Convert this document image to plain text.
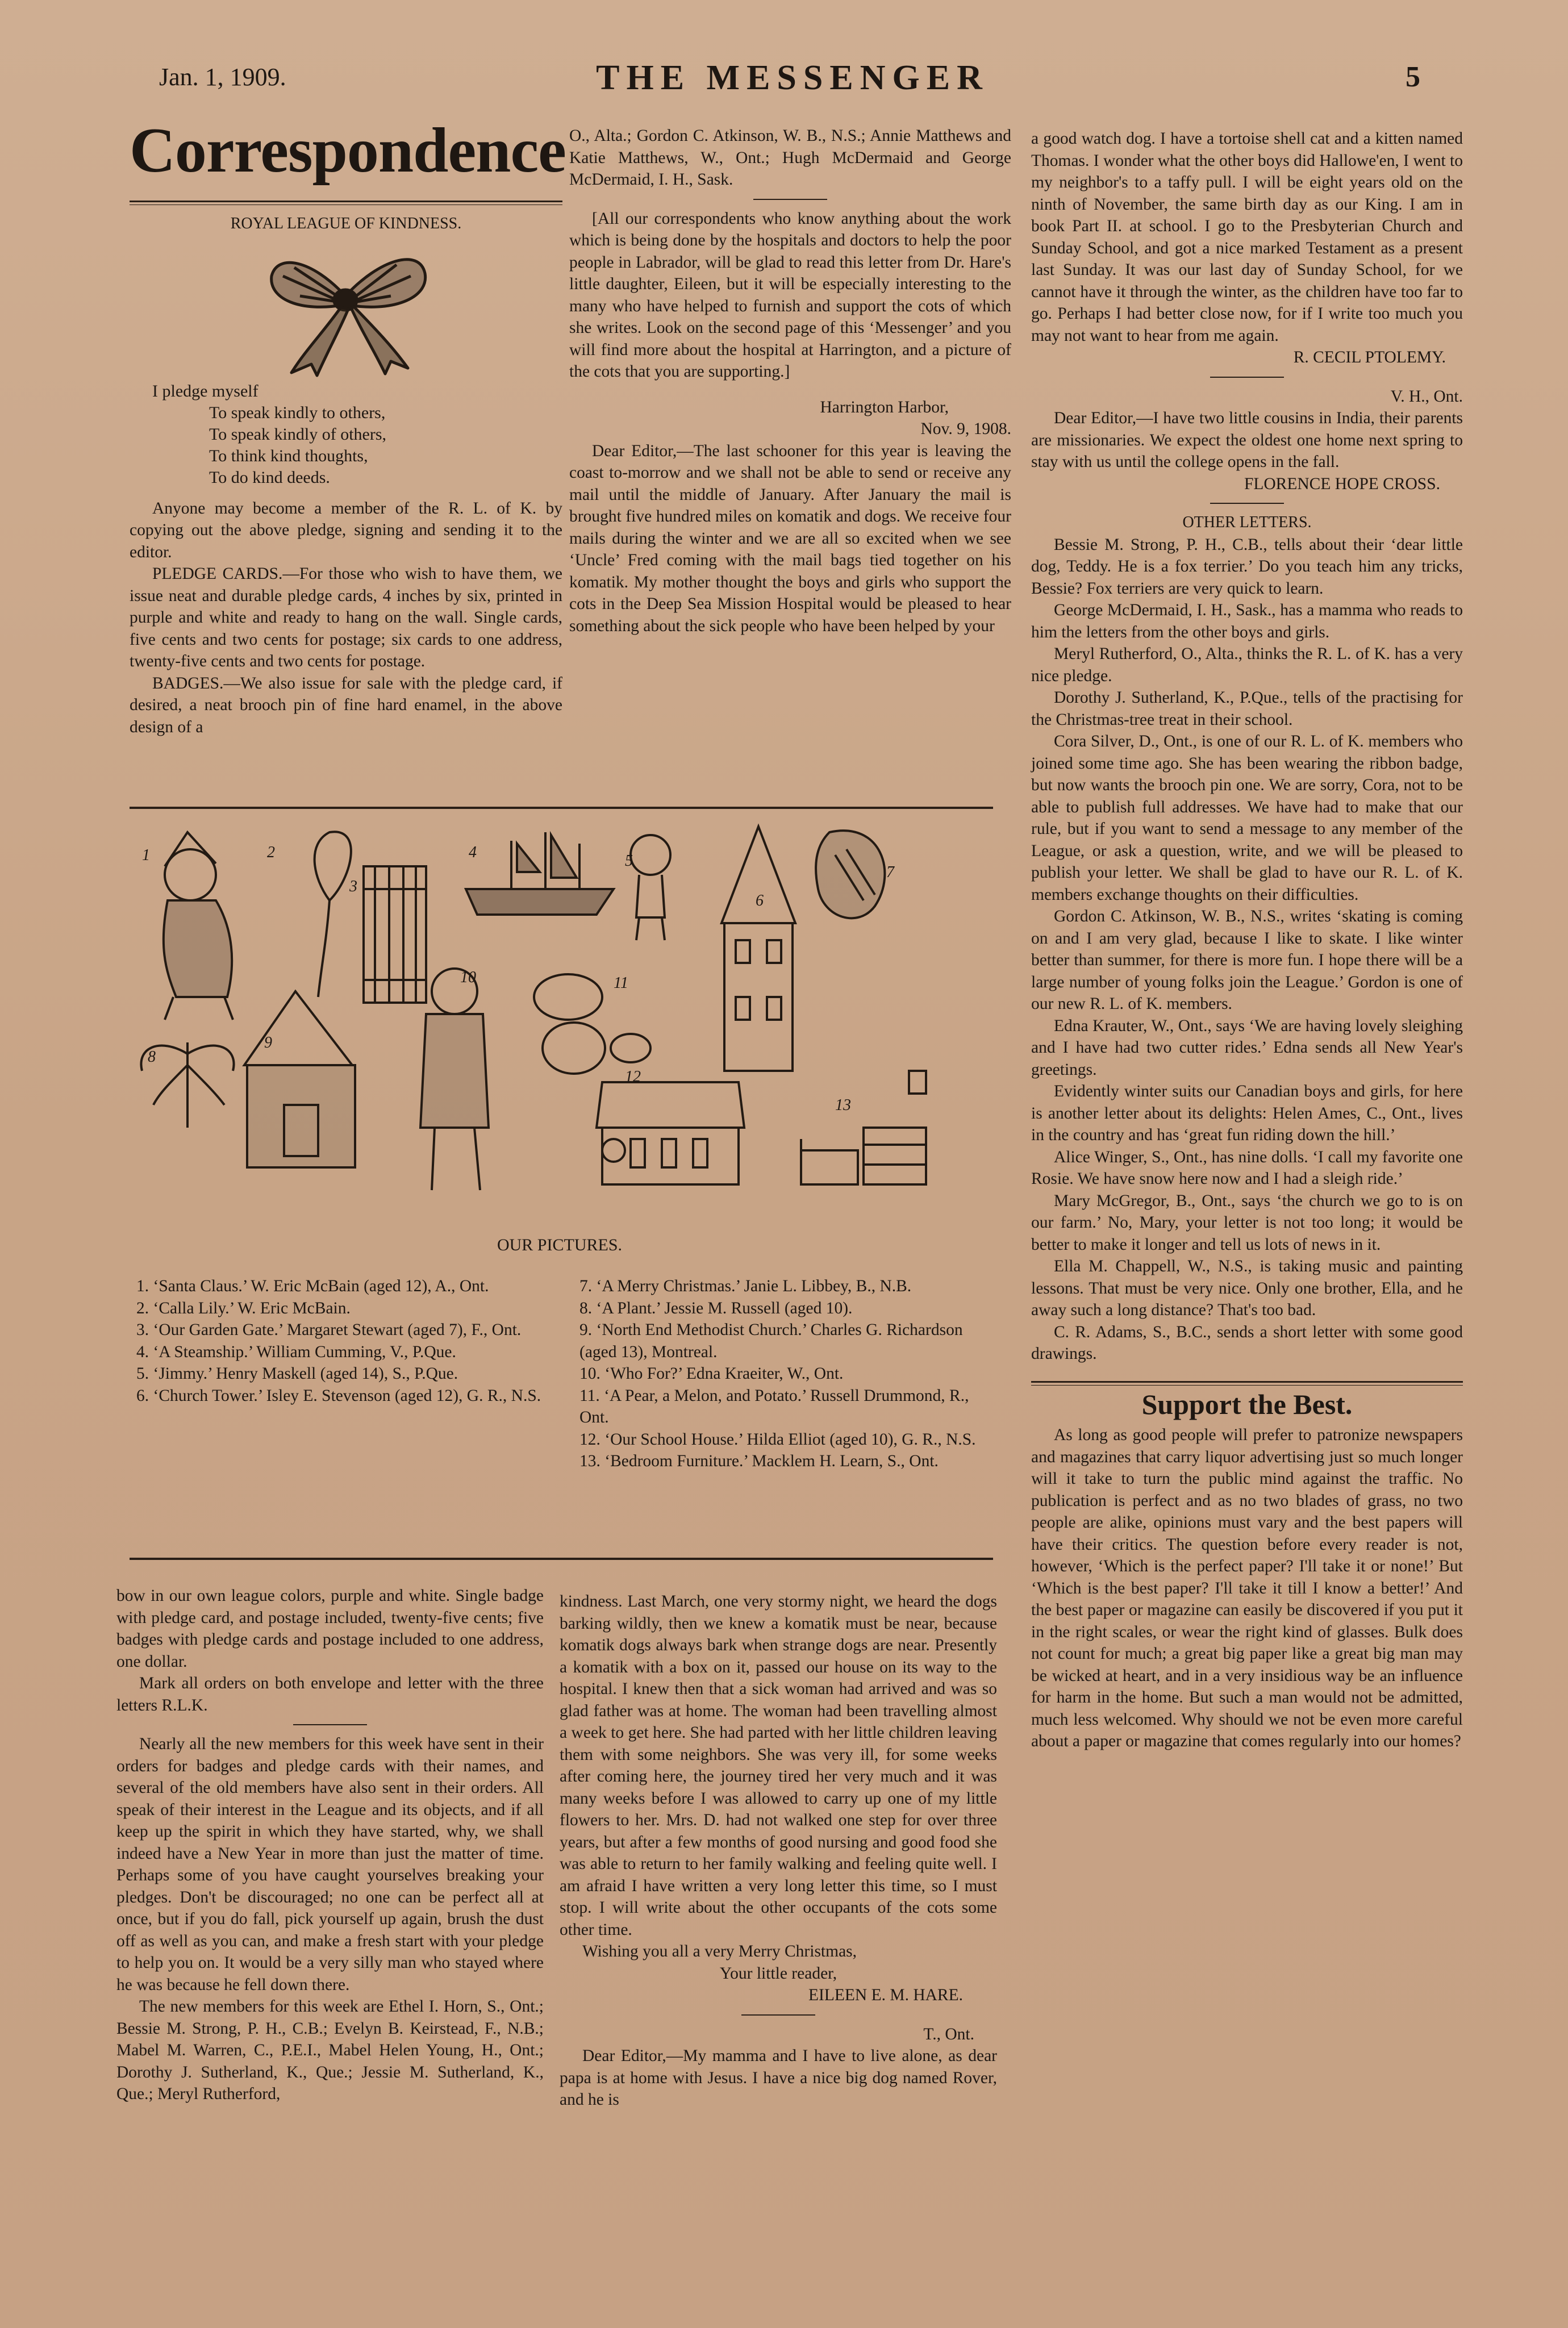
Jan. 1, 1909.	THE MESSENGER	5
Correspondence
ROYAL LEAGUE OF KINDNESS.
I pledge myself
To speak kindly to others,
To speak kindly of others,
To think kind thoughts,
To do kind deeds.

Anyone may become a member of the R. L. of K. by copying out the above pledge, signing and sending it to the editor.

PLEDGE CARDS.—For those who wish to have them, we issue neat and durable pledge cards, 4 inches by six, printed in purple and white and ready to hang on the wall. Single cards, five cents and two cents for postage; six cards to one address, twenty-five cents and two cents for postage.

BADGES.—We also issue for sale with the pledge card, if desired, a neat brooch pin of fine hard enamel, in the above design of a

O., Alta.; Gordon C. Atkinson, W. B., N.S.; Annie Matthews and Katie Matthews, W., Ont.; Hugh McDermaid and George McDermaid, I. H., Sask.

[All our correspondents who know anything about the work which is being done by the hospitals and doctors to help the poor people in Labrador, will be glad to read this letter from Dr. Hare's little daughter, Eileen, but it will be especially interesting to the many who have helped to furnish and support the cots of which she writes. Look on the second page of this ‘Messenger’ and you will find more about the hospital at Harrington, and a picture of the cots that you are supporting.]

Harrington Harbor,
Nov. 9, 1908.

Dear Editor,—The last schooner for this year is leaving the coast to-morrow and we shall not be able to send or receive any mail until the middle of January. After January the mail is brought five hundred miles on komatik and dogs. We receive four mails during the winter and we are all so excited when we see ‘Uncle’ Fred coming with the mail bags tied together on his komatik. My mother thought the boys and girls who support the cots in the Deep Sea Mission Hospital would be pleased to hear something about the sick people who have been helped by your

1	2
3
4	5
6
7
8
9
10	11
12
13
OUR PICTURES.

1. ‘Santa Claus.’ W. Eric McBain (aged 12), A., Ont.

2. ‘Calla Lily.’ W. Eric McBain.

3. ‘Our Garden Gate.’ Margaret Stewart (aged 7), F., Ont.

4. ‘A Steamship.’ William Cumming, V., P.Que.

5. ‘Jimmy.’ Henry Maskell (aged 14), S., P.Que.

6. ‘Church Tower.’ Isley E. Stevenson (aged 12), G. R., N.S.

7. ‘A Merry Christmas.’ Janie L. Libbey, B., N.B.

8. ‘A Plant.’ Jessie M. Russell (aged 10).

9. ‘North End Methodist Church.’ Charles G. Richardson (aged 13), Montreal.

10. ‘Who For?’ Edna Kraeiter, W., Ont.

11. ‘A Pear, a Melon, and Potato.’ Russell Drummond, R., Ont.

12. ‘Our School House.’ Hilda Elliot (aged 10), G. R., N.S.

13. ‘Bedroom Furniture.’ Macklem H. Learn, S., Ont.

bow in our own league colors, purple and white. Single badge with pledge card, and postage included, twenty-five cents; five badges with pledge cards and postage included to one address, one dollar.

Mark all orders on both envelope and letter with the three letters R.L.K.

Nearly all the new members for this week have sent in their orders for badges and pledge cards with their names, and several of the old members have also sent in their orders. All speak of their interest in the League and its objects, and if all keep up the spirit in which they have started, why, we shall indeed have a New Year in more than just the matter of time. Perhaps some of you have caught yourselves breaking your pledges. Don't be discouraged; no one can be perfect all at once, but if you do fall, pick yourself up again, brush the dust off as well as you can, and make a fresh start with your pledge to help you on. It would be a very silly man who stayed where he was because he fell down there.

The new members for this week are Ethel I. Horn, S., Ont.; Bessie M. Strong, P. H., C.B.; Evelyn B. Keirstead, F., N.B.; Mabel M. Warren, C., P.E.I., Mabel Helen Young, H., Ont.; Dorothy J. Sutherland, K., Que.; Jessie M. Sutherland, K., Que.; Meryl Rutherford,

kindness. Last March, one very stormy night, we heard the dogs barking wildly, then we knew a komatik must be near, because komatik dogs always bark when strange dogs are near. Presently a komatik with a box on it, passed our house on its way to the hospital. I knew then that a sick woman had arrived and was so glad father was at home. The woman had been travelling almost a week to get here. She had parted with her little children leaving them with some neighbors. She was very ill, for some weeks after coming here, the journey tired her very much and it was many weeks before I was allowed to carry up one of my little flowers to her. Mrs. D. had not walked one step for over three years, but after a few months of good nursing and good food she was able to return to her family walking and feeling quite well. I am afraid I have written a very long letter this time, so I must stop. I will write about the other occupants of the cots some other time.

Wishing you all a very Merry Christmas,

Your little reader,
EILEEN E. M. HARE.
T., Ont.

Dear Editor,—My mamma and I have to live alone, as dear papa is at home with Jesus. I have a nice big dog named Rover, and he is

a good watch dog. I have a tortoise shell cat and a kitten named Thomas. I wonder what the other boys did Hallowe'en, I went to my neighbor's to a taffy pull. I will be eight years old on the ninth of November, the same birth day as our King. I am in book Part II. at school. I go to the Presbyterian Church and Sunday School, and got a nice marked Testament as a present last Sunday. It was our last day of Sunday School, for we cannot have it through the winter, as the children have too far to go. Perhaps I had better close now, for if I write too much you may not want to hear from me again.

R. CECIL PTOLEMY.
V. H., Ont.

Dear Editor,—I have two little cousins in India, their parents are missionaries. We expect the oldest one home next spring to stay with us until the college opens in the fall.

FLORENCE HOPE CROSS.
OTHER LETTERS.

Bessie M. Strong, P. H., C.B., tells about their ‘dear little dog, Teddy. He is a fox terrier.’ Do you teach him any tricks, Bessie? Fox terriers are very quick to learn.

George McDermaid, I. H., Sask., has a mamma who reads to him the letters from the other boys and girls.

Meryl Rutherford, O., Alta., thinks the R. L. of K. has a very nice pledge.

Dorothy J. Sutherland, K., P.Que., tells of the practising for the Christmas-tree treat in their school.

Cora Silver, D., Ont., is one of our R. L. of K. members who joined some time ago. She has been wearing the ribbon badge, but now wants the brooch pin one. We are sorry, Cora, not to be able to publish full addresses. We have had to make that our rule, but if you want to send a message to any member of the League, or ask a question, write, and we will be pleased to publish your letter. We shall be glad to have our R. L. of K. members exchange thoughts on their difficulties.

Gordon C. Atkinson, W. B., N.S., writes ‘skating is coming on and I am very glad, because I like to skate. I like winter better than summer, for there is more fun. I hope there will be a large number of young folks join the League.’ Gordon is one of our new R. L. of K. members.

Edna Krauter, W., Ont., says ‘We are having lovely sleighing and I have had two cutter rides.’ Edna sends all New Year's greetings.

Evidently winter suits our Canadian boys and girls, for here is another letter about its delights: Helen Ames, C., Ont., lives in the country and has ‘great fun riding down the hill.’

Alice Winger, S., Ont., has nine dolls. ‘I call my favorite one Rosie. We have snow here now and I had a sleigh ride.’

Mary McGregor, B., Ont., says ‘the church we go to is on our farm.’ No, Mary, your letter is not too long; it would be better to make it longer and tell us lots of news in it.

Ella M. Chappell, W., N.S., is taking music and painting lessons. That must be very nice. Only one brother, Ella, and he away such a long distance? That's too bad.

C. R. Adams, S., B.C., sends a short letter with some good drawings.

Support the Best.

As long as good people will prefer to patronize newspapers and magazines that carry liquor advertising just so much longer will it take to turn the public mind against the traffic. No publication is perfect and as no two blades of grass, no two people are alike, opinions must vary and the best papers will have their critics. The question before every reader is not, however, ‘Which is the perfect paper? I'll take it or none!’ But ‘Which is the best paper? I'll take it till I know a better!’ And the best paper or magazine can easily be discovered if you put it in the right scales, or wear the right kind of glasses. Bulk does not count for much; a great big paper like a great big man may be wicked at heart, and in a very insidious way be an influence for harm in the home. But such a man would not be admitted, much less welcomed. Why should we not be even more careful about a paper or magazine that comes regularly into our homes?
